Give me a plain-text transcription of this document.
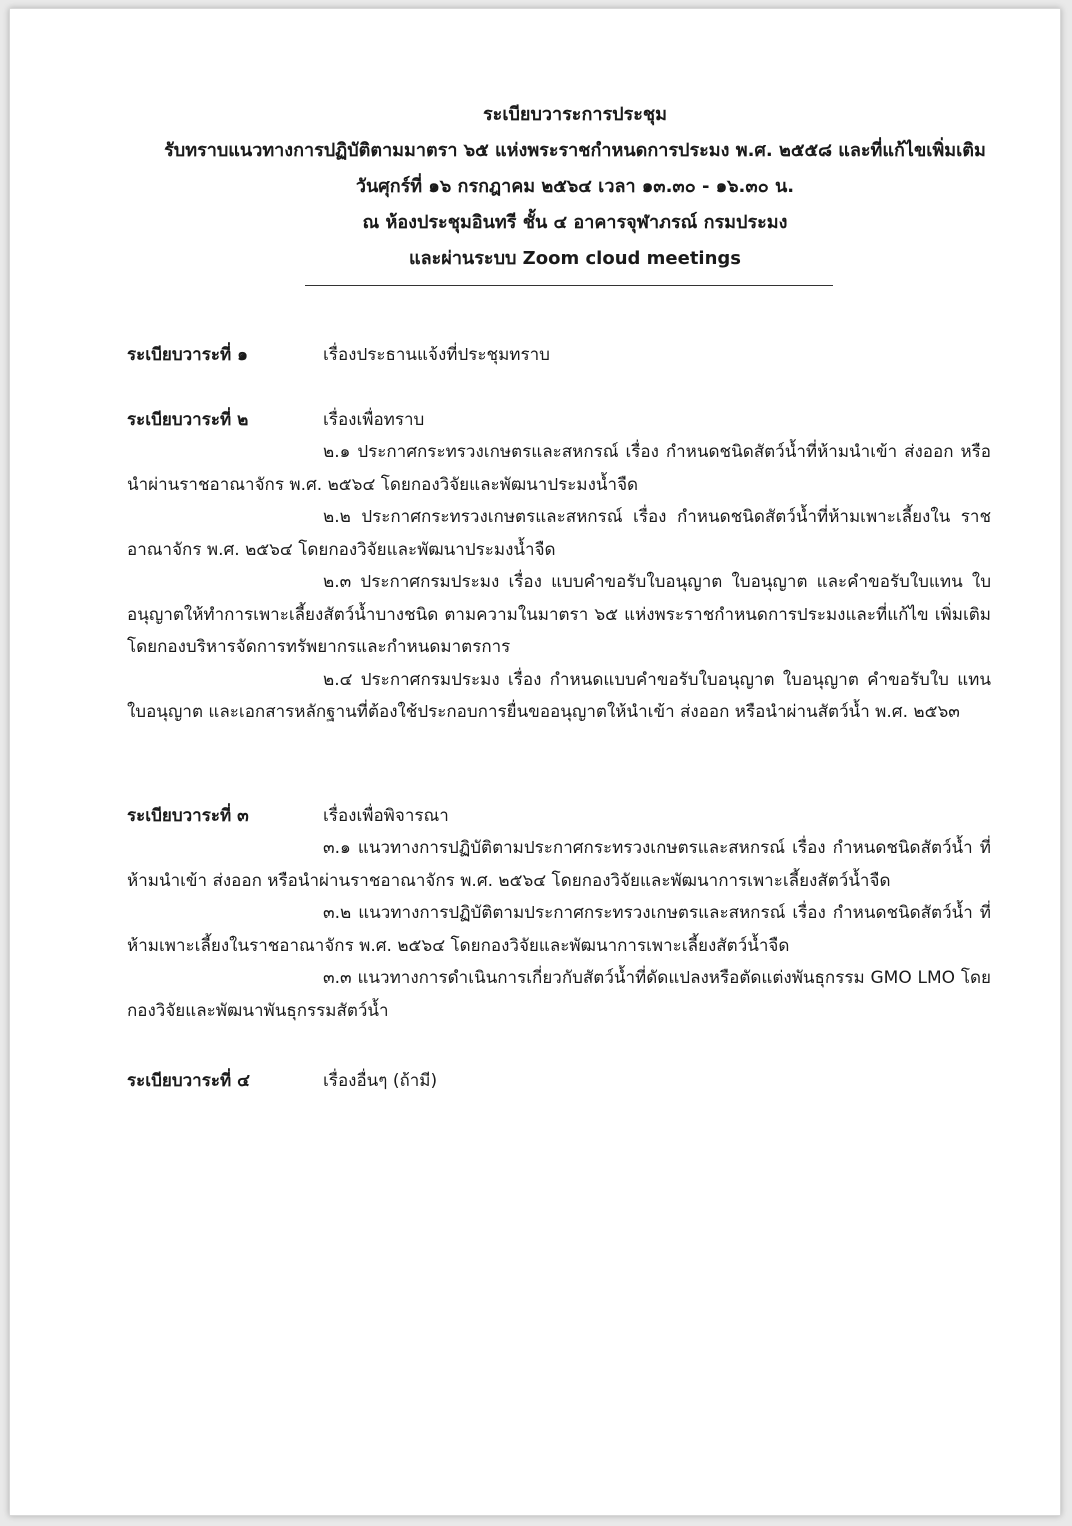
ระเบียบวาระการประชุม
รับทราบแนวทางการปฏิบัติตามมาตรา ๖๕ แห่งพระราชกำหนดการประมง พ.ศ. ๒๕๕๘ และที่แก้ไขเพิ่มเติม
วันศุกร์ที่ ๑๖ กรกฎาคม ๒๕๖๔ เวลา ๑๓.๓๐ - ๑๖.๓๐ น.
ณ ห้องประชุมอินทรี ชั้น ๔ อาคารจุฬาภรณ์ กรมประมง
และผ่านระบบ Zoom cloud meetings
ระเบียบวาระที่ ๑	เรื่องประธานแจ้งที่ประชุมทราบ
ระเบียบวาระที่ ๒	เรื่องเพื่อทราบ
๒.๑ ประกาศกระทรวงเกษตรและสหกรณ์ เรื่อง กำหนดชนิดสัตว์น้ำที่ห้ามนำเข้า ส่งออก หรือนำผ่านราชอาณาจักร พ.ศ. ๒๕๖๔ โดยกองวิจัยและพัฒนาประมงน้ำจืด
๒.๒ ประกาศกระทรวงเกษตรและสหกรณ์ เรื่อง กำหนดชนิดสัตว์น้ำที่ห้ามเพาะเลี้ยงใน ราชอาณาจักร พ.ศ. ๒๕๖๔ โดยกองวิจัยและพัฒนาประมงน้ำจืด
๒.๓ ประกาศกรมประมง เรื่อง แบบคำขอรับใบอนุญาต ใบอนุญาต และคำขอรับใบแทน ใบอนุญาตให้ทำการเพาะเลี้ยงสัตว์น้ำบางชนิด ตามความในมาตรา ๖๕ แห่งพระราชกำหนดการประมงและที่แก้ไข เพิ่มเติม โดยกองบริหารจัดการทรัพยากรและกำหนดมาตรการ
๒.๔ ประกาศกรมประมง เรื่อง กำหนดแบบคำขอรับใบอนุญาต ใบอนุญาต คำขอรับใบ แทนใบอนุญาต และเอกสารหลักฐานที่ต้องใช้ประกอบการยื่นขออนุญาตให้นำเข้า ส่งออก หรือนำผ่านสัตว์น้ำ พ.ศ. ๒๕๖๓
ระเบียบวาระที่ ๓	เรื่องเพื่อพิจารณา
๓.๑ แนวทางการปฏิบัติตามประกาศกระทรวงเกษตรและสหกรณ์ เรื่อง กำหนดชนิดสัตว์น้ำ ที่ห้ามนำเข้า ส่งออก หรือนำผ่านราชอาณาจักร พ.ศ. ๒๕๖๔ โดยกองวิจัยและพัฒนาการเพาะเลี้ยงสัตว์น้ำจืด
๓.๒ แนวทางการปฏิบัติตามประกาศกระทรวงเกษตรและสหกรณ์ เรื่อง กำหนดชนิดสัตว์น้ำ ที่ห้ามเพาะเลี้ยงในราชอาณาจักร พ.ศ. ๒๕๖๔ โดยกองวิจัยและพัฒนาการเพาะเลี้ยงสัตว์น้ำจืด
๓.๓ แนวทางการดำเนินการเกี่ยวกับสัตว์น้ำที่ดัดแปลงหรือตัดแต่งพันธุกรรม GMO LMO โดยกองวิจัยและพัฒนาพันธุกรรมสัตว์น้ำ
ระเบียบวาระที่ ๔	เรื่องอื่นๆ (ถ้ามี)
